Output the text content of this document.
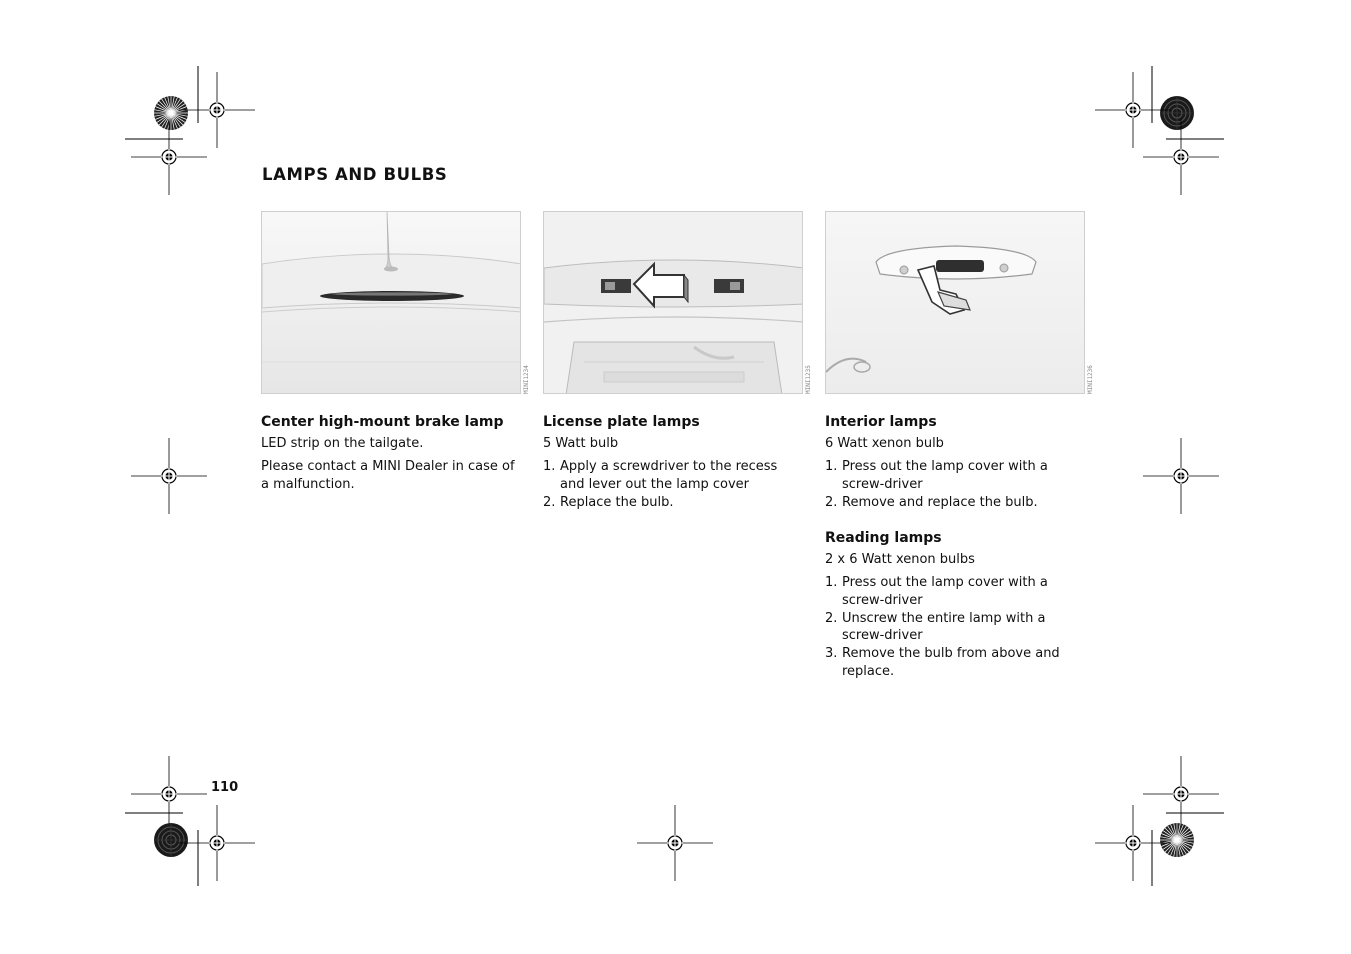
LAMPS AND BULBS
MINI1234	MINI1235	MINI1236
Center high-mount brake lamp

LED strip on the tailgate.

Please contact a MINI Dealer in case of a malfunction.

License plate lamps

5 Watt bulb

1. Apply a screwdriver to the recess and lever out the lamp cover
2. Replace the bulb.
Interior lamps

6 Watt xenon bulb

1. Press out the lamp cover with a screw-driver
2. Remove and replace the bulb.
Reading lamps

2 x 6 Watt xenon bulbs

1. Press out the lamp cover with a screw-driver
2. Unscrew the entire lamp with a screw-driver
3. Remove the bulb from above and replace.
110
